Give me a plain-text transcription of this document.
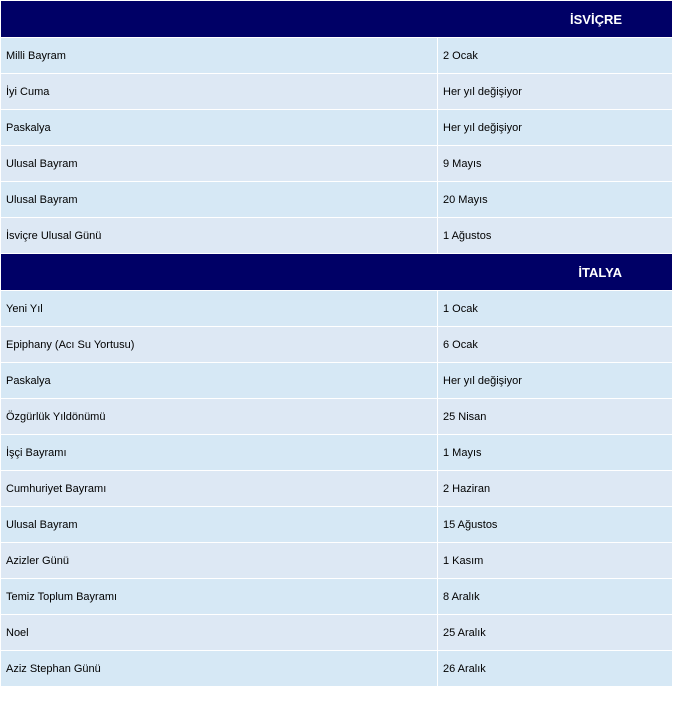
İSVİÇRE	
Milli Bayram	2 Ocak
İyi Cuma	Her yıl değişiyor
Paskalya	Her yıl değişiyor
Ulusal Bayram	9 Mayıs
Ulusal Bayram	20 Mayıs
İsviçre Ulusal Günü	1 Ağustos
İTALYA	
Yeni Yıl	1 Ocak
Epiphany (Acı Su Yortusu)	6 Ocak
Paskalya	Her yıl değişiyor
Özgürlük Yıldönümü	25 Nisan
İşçi Bayramı	1 Mayıs
Cumhuriyet Bayramı	2 Haziran
Ulusal Bayram	15 Ağustos
Azizler Günü	1 Kasım
Temiz Toplum Bayramı	8 Aralık
Noel	25 Aralık
Aziz Stephan Günü	26 Aralık
